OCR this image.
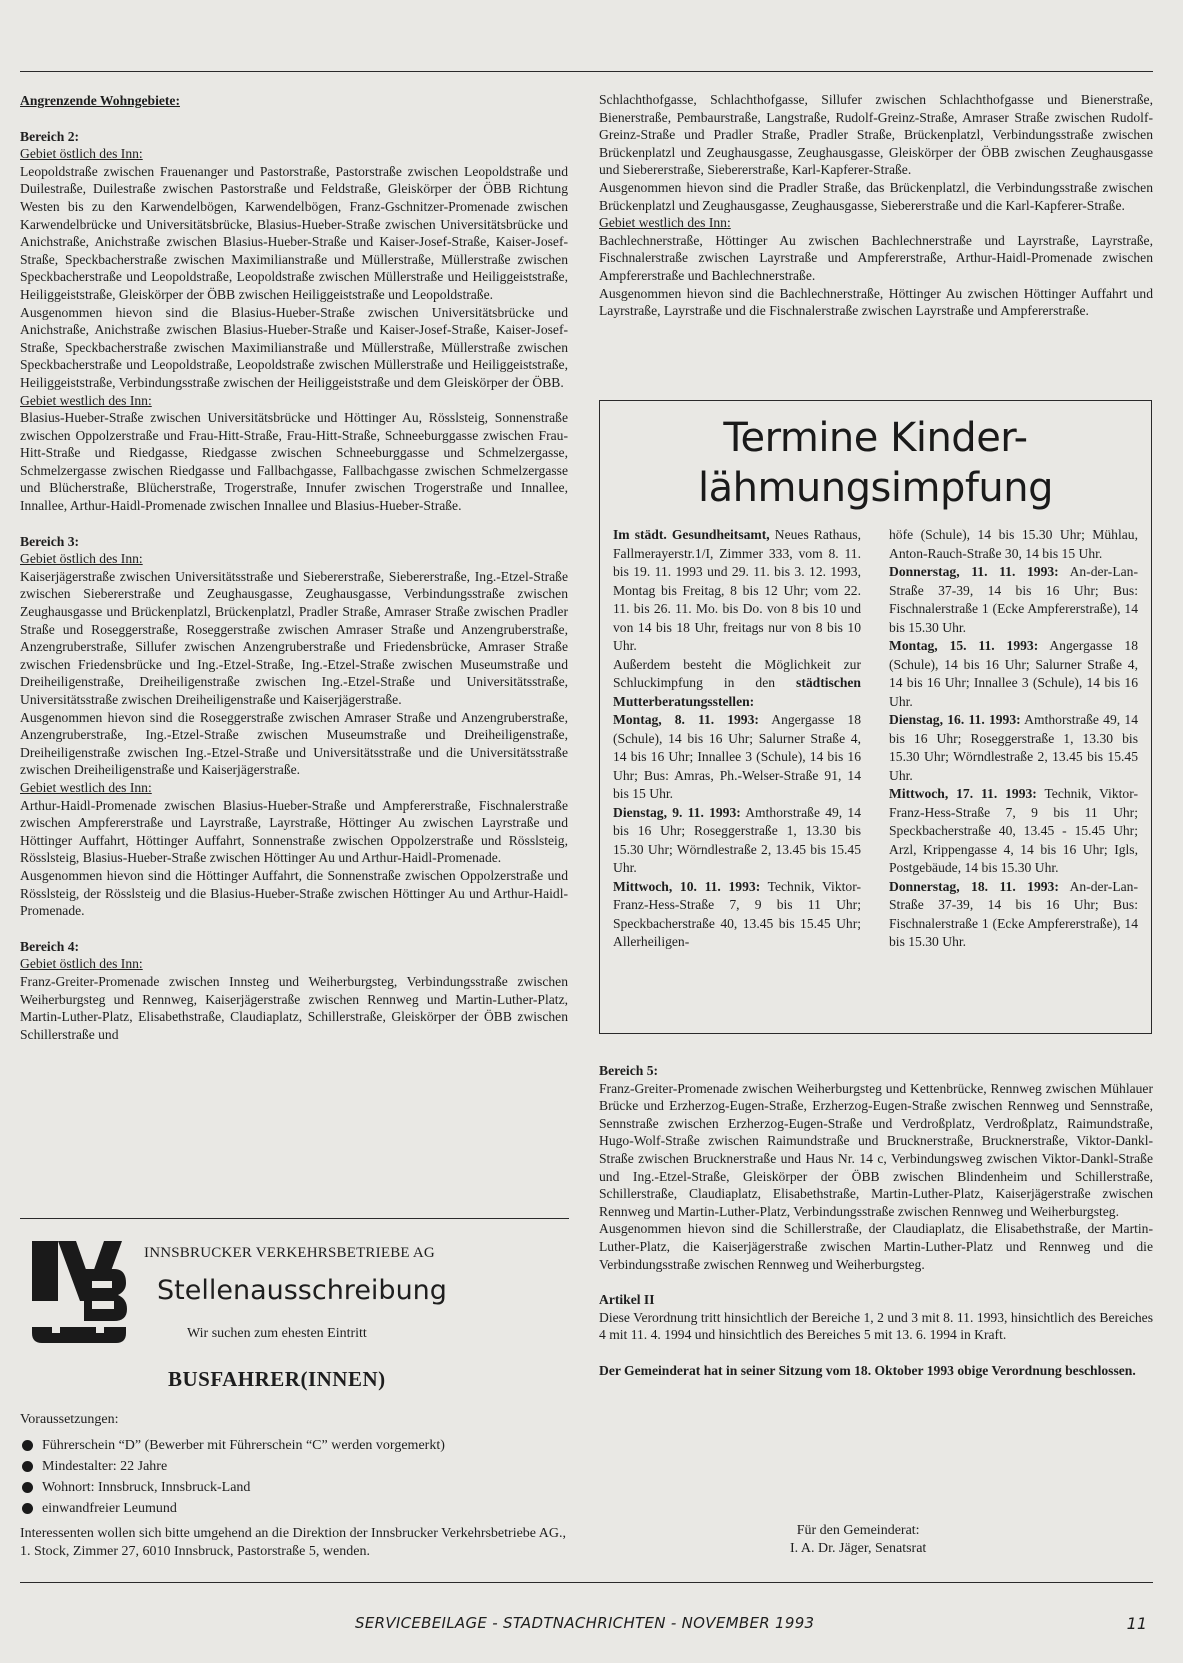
Angrenzende Wohngebiete:

Bereich 2:

Gebiet östlich des Inn:

Leopoldstraße zwischen Frauenanger und Pastorstraße, Pastorstraße zwischen Leopoldstraße und Duilestraße, Duilestraße zwischen Pastorstraße und Feldstraße, Gleiskörper der ÖBB Richtung Westen bis zu den Karwendelbögen, Karwendelbögen, Franz-Gschnitzer-Promenade zwischen Karwendelbrücke und Universitätsbrücke, Blasius-Hueber-Straße zwischen Universitätsbrücke und Anichstraße, Anichstraße zwischen Blasius-Hueber-Straße und Kaiser-Josef-Straße, Kaiser-Josef-Straße, Speckbacherstraße zwischen Maximilianstraße und Müllerstraße, Müllerstraße zwischen Speckbacherstraße und Leopoldstraße, Leopoldstraße zwischen Müllerstraße und Heiliggeiststraße, Heiliggeiststraße, Gleiskörper der ÖBB zwischen Heiliggeiststraße und Leopoldstraße.

Ausgenommen hievon sind die Blasius-Hueber-Straße zwischen Universitätsbrücke und Anichstraße, Anichstraße zwischen Blasius-Hueber-Straße und Kaiser-Josef-Straße, Kaiser-Josef-Straße, Speckbacherstraße zwischen Maximilianstraße und Müllerstraße, Müllerstraße zwischen Speckbacherstraße und Leopoldstraße, Leopoldstraße zwischen Müllerstraße und Heiliggeiststraße, Heiliggeiststraße, Verbindungsstraße zwischen der Heiliggeiststraße und dem Gleiskörper der ÖBB.

Gebiet westlich des Inn:

Blasius-Hueber-Straße zwischen Universitätsbrücke und Höttinger Au, Rösslsteig, Sonnenstraße zwischen Oppolzerstraße und Frau-Hitt-Straße, Frau-Hitt-Straße, Schneeburggasse zwischen Frau-Hitt-Straße und Riedgasse, Riedgasse zwischen Schneeburggasse und Schmelzergasse, Schmelzergasse zwischen Riedgasse und Fallbachgasse, Fallbachgasse zwischen Schmelzergasse und Blücherstraße, Blücherstraße, Trogerstraße, Innufer zwischen Trogerstraße und Innallee, Innallee, Arthur-Haidl-Promenade zwischen Innallee und Blasius-Hueber-Straße.

Bereich 3:

Gebiet östlich des Inn:

Kaiserjägerstraße zwischen Universitätsstraße und Siebererstraße, Siebererstraße, Ing.-Etzel-Straße zwischen Siebererstraße und Zeughausgasse, Zeughausgasse, Verbindungsstraße zwischen Zeughausgasse und Brückenplatzl, Brückenplatzl, Pradler Straße, Amraser Straße zwischen Pradler Straße und Roseggerstraße, Roseggerstraße zwischen Amraser Straße und Anzengruberstraße, Anzengruberstraße, Sillufer zwischen Anzengruberstraße und Friedensbrücke, Amraser Straße zwischen Friedensbrücke und Ing.-Etzel-Straße, Ing.-Etzel-Straße zwischen Museumstraße und Dreiheiligenstraße, Dreiheiligenstraße zwischen Ing.-Etzel-Straße und Universitätsstraße, Universitätsstraße zwischen Dreiheiligenstraße und Kaiserjägerstraße.

Ausgenommen hievon sind die Roseggerstraße zwischen Amraser Straße und Anzengruberstraße, Anzengruberstraße, Ing.-Etzel-Straße zwischen Museumstraße und Dreiheiligenstraße, Dreiheiligenstraße zwischen Ing.-Etzel-Straße und Universitätsstraße und die Universitätsstraße zwischen Dreiheiligenstraße und Kaiserjägerstraße.

Gebiet westlich des Inn:

Arthur-Haidl-Promenade zwischen Blasius-Hueber-Straße und Ampfererstraße, Fischnalerstraße zwischen Ampfererstraße und Layrstraße, Layrstraße, Höttinger Au zwischen Layrstraße und Höttinger Auffahrt, Höttinger Auffahrt, Sonnenstraße zwischen Oppolzerstraße und Rösslsteig, Rösslsteig, Blasius-Hueber-Straße zwischen Höttinger Au und Arthur-Haidl-Promenade.

Ausgenommen hievon sind die Höttinger Auffahrt, die Sonnenstraße zwischen Oppolzerstraße und Rösslsteig, der Rösslsteig und die Blasius-Hueber-Straße zwischen Höttinger Au und Arthur-Haidl-Promenade.

Bereich 4:

Gebiet östlich des Inn:

Franz-Greiter-Promenade zwischen Innsteg und Weiherburgsteg, Verbindungsstraße zwischen Weiherburgsteg und Rennweg, Kaiserjägerstraße zwischen Rennweg und Martin-Luther-Platz, Martin-Luther-Platz, Elisabethstraße, Claudiaplatz, Schillerstraße, Gleiskörper der ÖBB zwischen Schillerstraße und

INNSBRUCKER VERKEHRSBETRIEBE AG
Stellenausschreibung
Wir suchen zum ehesten Eintritt
BUSFAHRER(INNEN)
Voraussetzungen:
Führerschein “D” (Bewerber mit Führerschein “C” werden vorgemerkt)
Mindestalter: 22 Jahre
Wohnort: Innsbruck, Innsbruck-Land
einwandfreier Leumund
Interessenten wollen sich bitte umgehend an die Direktion der Innsbrucker Verkehrsbetriebe AG., 1. Stock, Zimmer 27, 6010 Innsbruck, Pastorstraße 5, wenden.

Schlachthofgasse, Schlachthofgasse, Sillufer zwischen Schlachthofgasse und Bienerstraße, Bienerstraße, Pembaurstraße, Langstraße, Rudolf-Greinz-Straße, Amraser Straße zwischen Rudolf-Greinz-Straße und Pradler Straße, Pradler Straße, Brückenplatzl, Verbindungsstraße zwischen Brückenplatzl und Zeughausgasse, Zeughausgasse, Gleiskörper der ÖBB zwischen Zeughausgasse und Siebererstraße, Siebererstraße, Karl-Kapferer-Straße.

Ausgenommen hievon sind die Pradler Straße, das Brückenplatzl, die Verbindungsstraße zwischen Brückenplatzl und Zeughausgasse, Zeughausgasse, Siebererstraße und die Karl-Kapferer-Straße.

Gebiet westlich des Inn:

Bachlechnerstraße, Höttinger Au zwischen Bachlechnerstraße und Layrstraße, Layrstraße, Fischnalerstraße zwischen Layrstraße und Ampfererstraße, Arthur-Haidl-Promenade zwischen Ampfererstraße und Bachlechnerstraße.

Ausgenommen hievon sind die Bachlechnerstraße, Höttinger Au zwischen Höttinger Auffahrt und Layrstraße, Layrstraße und die Fischnalerstraße zwischen Layrstraße und Ampfererstraße.

Termine Kinder-
lähmungsimpfung

Im städt. Gesundheitsamt, Neues Rathaus, Fallmerayerstr.1/I, Zimmer 333, vom 8. 11. bis 19. 11. 1993 und 29. 11. bis 3. 12. 1993, Montag bis Freitag, 8 bis 12 Uhr; vom 22. 11. bis 26. 11. Mo. bis Do. von 8 bis 10 und von 14 bis 18 Uhr, freitags nur von 8 bis 10 Uhr.

Außerdem besteht die Möglichkeit zur Schluckimpfung in den städtischen Mutterberatungsstellen:

Montag, 8. 11. 1993: Angergasse 18 (Schule), 14 bis 16 Uhr; Salurner Straße 4, 14 bis 16 Uhr; Innallee 3 (Schule), 14 bis 16 Uhr; Bus: Amras, Ph.-Welser-Straße 91, 14 bis 15 Uhr.

Dienstag, 9. 11. 1993: Amthorstraße 49, 14 bis 16 Uhr; Roseggerstraße 1, 13.30 bis 15.30 Uhr; Wörndlestraße 2, 13.45 bis 15.45 Uhr.

Mittwoch, 10. 11. 1993: Technik, Viktor-Franz-Hess-Straße 7, 9 bis 11 Uhr; Speckbacherstraße 40, 13.45 bis 15.45 Uhr; Allerheiligen-

höfe (Schule), 14 bis 15.30 Uhr; Mühlau, Anton-Rauch-Straße 30, 14 bis 15 Uhr.

Donnerstag, 11. 11. 1993: An-der-Lan-Straße 37-39, 14 bis 16 Uhr; Bus: Fischnalerstraße 1 (Ecke Ampfererstraße), 14 bis 15.30 Uhr.

Montag, 15. 11. 1993: Angergasse 18 (Schule), 14 bis 16 Uhr; Salurner Straße 4, 14 bis 16 Uhr; Innallee 3 (Schule), 14 bis 16 Uhr.

Dienstag, 16. 11. 1993: Amthorstraße 49, 14 bis 16 Uhr; Roseggerstraße 1, 13.30 bis 15.30 Uhr; Wörndlestraße 2, 13.45 bis 15.45 Uhr.

Mittwoch, 17. 11. 1993: Technik, Viktor-Franz-Hess-Straße 7, 9 bis 11 Uhr; Speckbacherstraße 40, 13.45 - 15.45 Uhr; Arzl, Krippengasse 4, 14 bis 16 Uhr; Igls, Postgebäude, 14 bis 15.30 Uhr.

Donnerstag, 18. 11. 1993: An-der-Lan-Straße 37-39, 14 bis 16 Uhr; Bus: Fischnalerstraße 1 (Ecke Ampfererstraße), 14 bis 15.30 Uhr.

Bereich 5:

Franz-Greiter-Promenade zwischen Weiherburgsteg und Kettenbrücke, Rennweg zwischen Mühlauer Brücke und Erzherzog-Eugen-Straße, Erzherzog-Eugen-Straße zwischen Rennweg und Sennstraße, Sennstraße zwischen Erzherzog-Eugen-Straße und Verdroßplatz, Verdroßplatz, Raimundstraße, Hugo-Wolf-Straße zwischen Raimundstraße und Brucknerstraße, Brucknerstraße, Viktor-Dankl-Straße zwischen Brucknerstraße und Haus Nr. 14 c, Verbindungsweg zwischen Viktor-Dankl-Straße und Ing.-Etzel-Straße, Gleiskörper der ÖBB zwischen Blindenheim und Schillerstraße, Schillerstraße, Claudiaplatz, Elisabethstraße, Martin-Luther-Platz, Kaiserjägerstraße zwischen Rennweg und Martin-Luther-Platz, Verbindungsstraße zwischen Rennweg und Weiherburgsteg.

Ausgenommen hievon sind die Schillerstraße, der Claudiaplatz, die Elisabethstraße, der Martin-Luther-Platz, die Kaiserjägerstraße zwischen Martin-Luther-Platz und Rennweg und die Verbindungsstraße zwischen Rennweg und Weiherburgsteg.

Artikel II

Diese Verordnung tritt hinsichtlich der Bereiche 1, 2 und 3 mit 8. 11. 1993, hinsichtlich des Bereiches 4 mit 11. 4. 1994 und hinsichtlich des Bereiches 5 mit 13. 6. 1994 in Kraft.

Der Gemeinderat hat in seiner Sitzung vom 18. Oktober 1993 obige Verordnung beschlossen.

Für den Gemeinderat:
I. A. Dr. Jäger, Senatsrat
SERVICEBEILAGE - STADTNACHRICHTEN - NOVEMBER 1993	11
